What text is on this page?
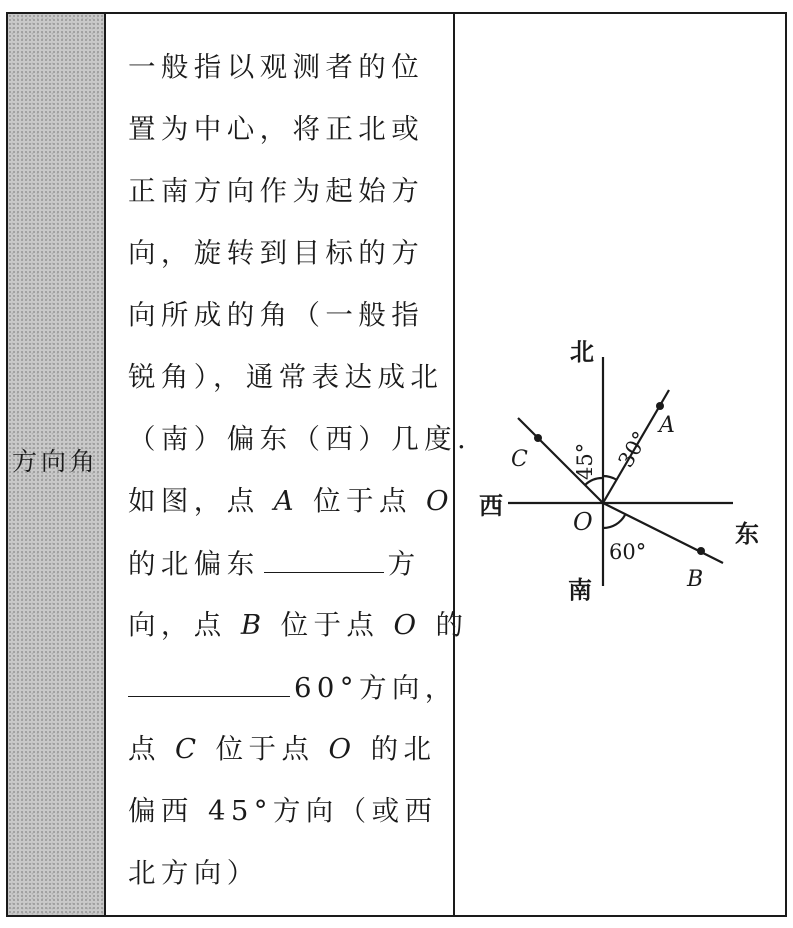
方向角
一般指以观测者的位
置为中心，将正北或
正南方向作为起始方
向，旋转到目标的方
向所成的角（一般指
锐角），通常表达成北
（南）偏东（西）几度.
如图，点 A 位于点 O
的北偏东	方
向，点 B 位于点 O 的
60°方向，
点 C 位于点 O 的北
偏西 45°方向（或西
北方向）
北
南
西
东
O
A
C
B
45° 30°
60°
